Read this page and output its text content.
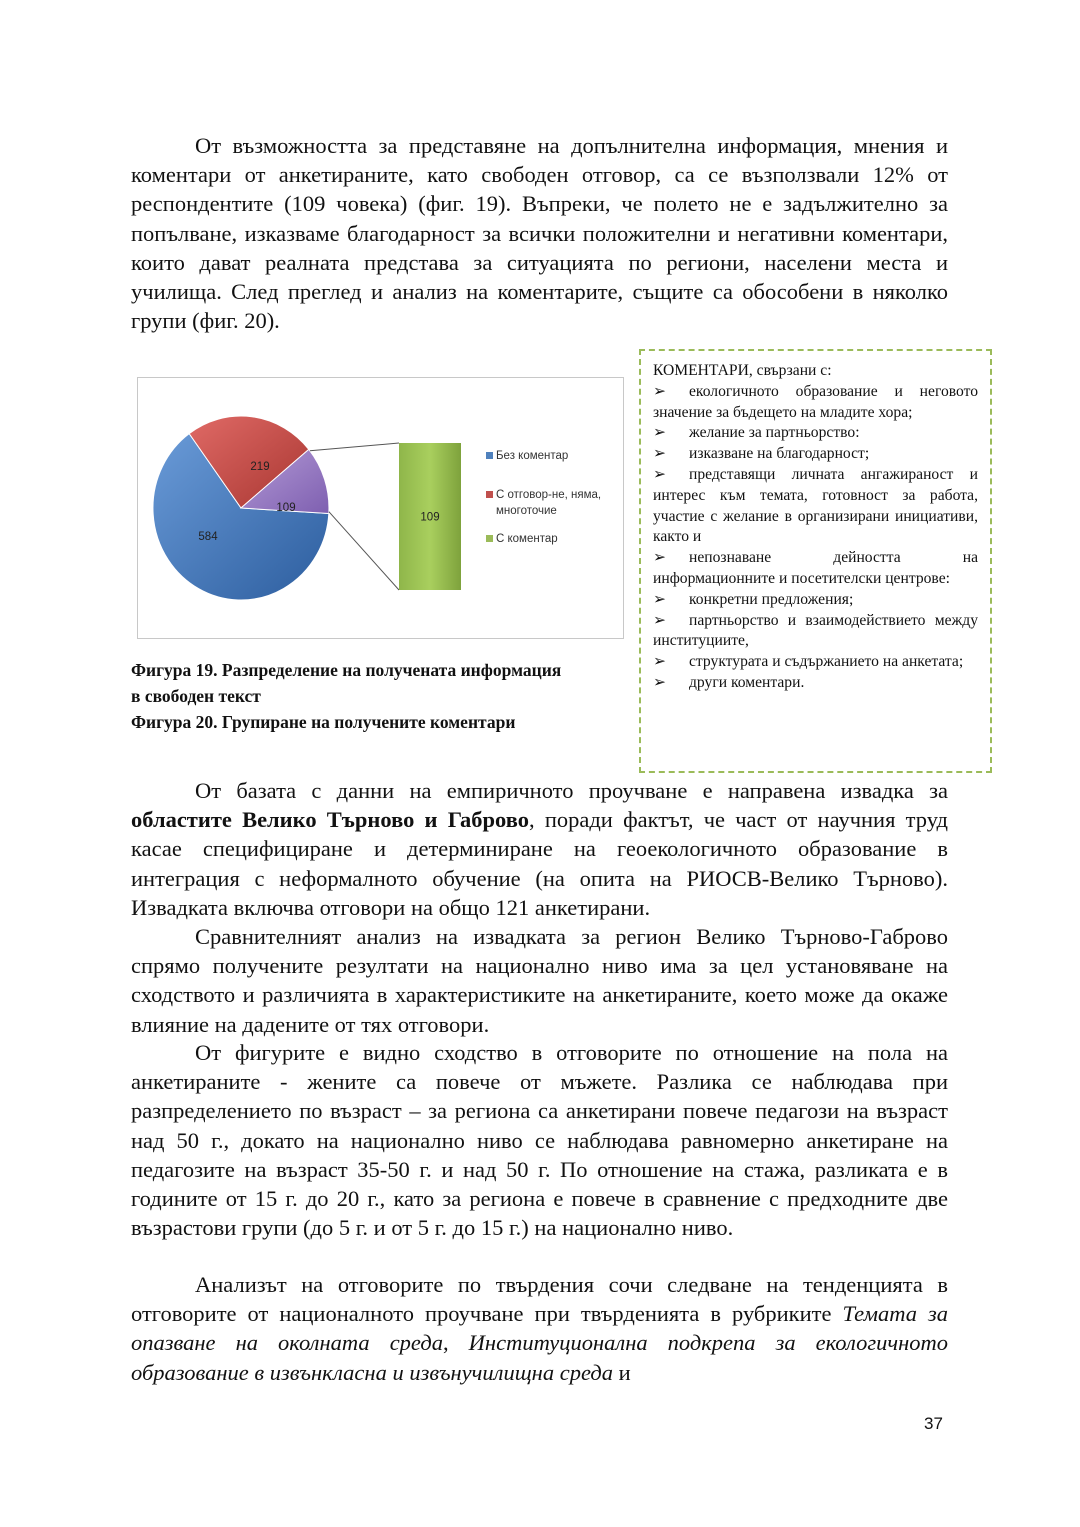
От възможността за представяне на допълнителна информация, мнения и коментари от анкетираните, като свободен отговор, са се възползвали 12% от респондентите (109 човека) (фиг. 19). Въпреки, че полето не е задължително за попълване, изказваме благодарност за всички положителни и негативни коментари, които дават реалната представа за ситуацията по региони, населени места и училища. След преглед и анализ на коментарите, същите са обособени в няколко групи (фиг. 20).

584
219
109
109
Без коментар
С отговор-не, няма,
многоточие
С коментар
Фигура 19. Разпределение на получената информация
в свободен текст
Фигура 20. Групиране на получените коментари
КОМЕНТАРИ, свързани с:
➢ екологичното образование и неговото значение за бъдещето на младите хора;
➢ желание за партньорство:
➢ изказване на благодарност;
➢ представящи личната ангажираност и интерес към темата, готовност за работа, участие с желание в организирани инициативи, както и
➢ непознаване дейността на информационните и посетителски центрове:
➢ конкретни предложения;
➢ партньорство и взаимодействието между институциите,
➢ структурата и съдържанието на анкетата;
➢ други коментари.

От базата с данни на емпиричното проучване е направена извадка за областите Велико Търново и Габрово, поради фактът, че част от научния труд касае специфициране и детерминиране на геоекологичното образование в интеграция с неформалното обучение (на опита на РИОСВ-Велико Търново). Извадката включва отговори на общо 121 анкетирани.

Сравнителният анализ на извадката за регион Велико Търново-Габрово спрямо получените резултати на национално ниво има за цел установяване на сходството и различията в характеристиките на анкетираните, което може да окаже влияние на дадените от тях отговори.

От фигурите е видно сходство в отговорите по отношение на пола на анкетираните - жените са повече от мъжете. Разлика се наблюдава при разпределението по възраст – за региона са анкетирани повече педагози на възраст над 50 г., докато на национално ниво се наблюдава равномерно анкетиране на педагозите на възраст 35-50 г. и над 50 г. По отношение на стажа, разликата е в годините от 15 г. до 20 г., като за региона е повече в сравнение с предходните две възрастови групи (до 5 г. и от 5 г. до 15 г.) на национално ниво.

Анализът на отговорите по твърдения сочи следване на тенденцията в отговорите от националното проучване при твърденията в рубриките Темата за опазване на околната среда, Институционална подкрепа за екологичното образование в извънкласна и извънучилищна среда и

37
